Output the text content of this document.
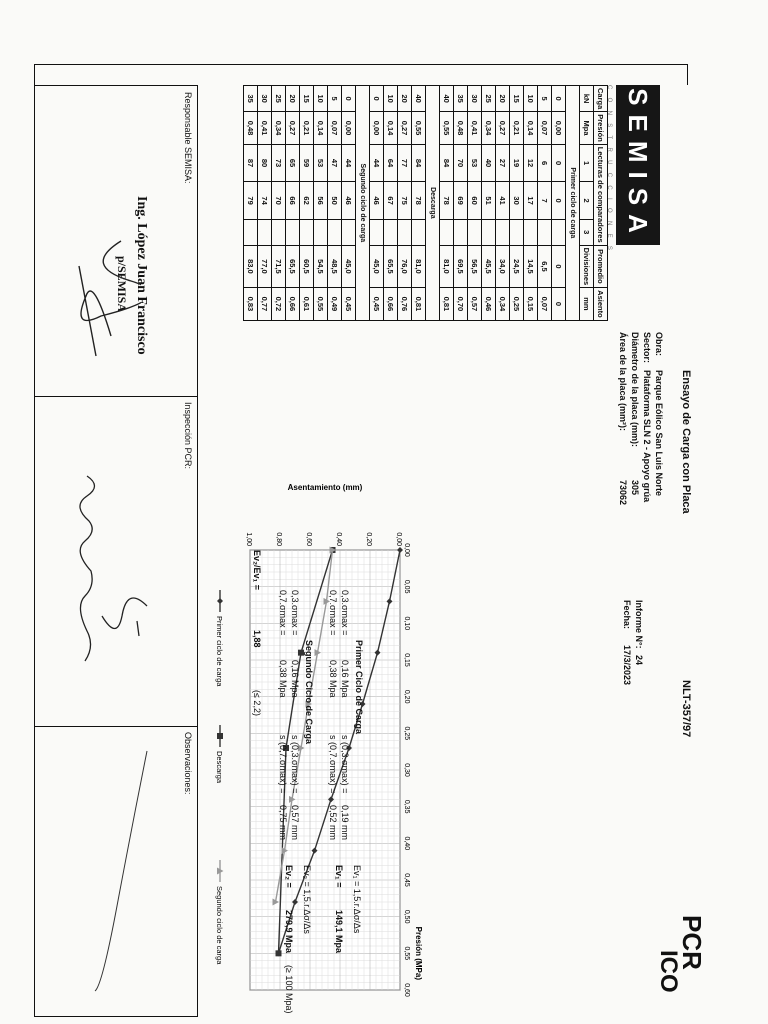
SEMISA
CONSTRUCCIONES
Ensayo de Carga con Placa
NLT-357/97
PCR
ICO
Obra:
Parque Eólico San Luis Norte
Sector:
Plataforma SLN 2 - Apoyo grúa
Diámetro de la placa (mm):
305
Área de la placa (mm²):
73062
Informe N°:
24
Fecha:
17/3/2023
Carga	Presión	Lecturas de comparadores			Promedio	Asiento
kN	Mpa	1	2	3	Divisiones	mm
Primer ciclo de carga						
0	0,00	0	0		0	0
5	0,07	6	7		6,5	0,07
10	0,14	12	17		14,5	0,15
15	0,21	19	30		24,5	0,25
20	0,27	27	41		34,0	0,34
25	0,34	40	51		45,5	0,46
30	0,41	53	60		56,5	0,57
35	0,48	70	69		69,5	0,70
40	0,55	84	78		81,0	0,81
Descarga						
40	0,55	84	78		81,0	0,81
20	0,27	77	75		76,0	0,76
10	0,14	64	67		65,5	0,66
0	0,00	44	46		45,0	0,45
Segundo ciclo de carga						
0	0,00	44	46		45,0	0,45
5	0,07	47	50		48,5	0,49
10	0,14	53	56		54,5	0,55
15	0,21	59	62		60,5	0,61
20	0,27	65	66		65,5	0,66
25	0,34	73	70		71,5	0,72
30	0,41	80	74		77,0	0,77
35	0,48	87	79		83,0	0,83
0,00
0,05
0,10
0,15
0,20
0,25
0,30
0,35
0,40
0,45
0,50
0,55
0,60
0,00
0,20
0,40
0,60
0,80
1,00
Presión (MPa)
Asentamiento (mm)
Primer ciclo de carga
Descarga
Segundo ciclo de carga
Primer Ciclo de Carga
0,3.σmax =
0,7.σmax =
0,16 Mpa
0,38 Mpa
s (0,3.σmax) =
s (0,7.σmax) =
0,19 mm
0,52 mm
Ev₁ = 1,5.r.Δσ/Δs
Ev₁ =
149,1 Mpa
Segundo Ciclo de Carga
0,3.σmax =
0,7.σmax =
0,16 Mpa
0,38 Mpa
s (0,3.σmax) =
s (0,7.σmax) =
0,57 mm
0,75 mm
Ev₂ = 1,5.r.Δσ/Δs
Ev₂ =
279,9 Mpa
(≥ 100 Mpa)
Ev₂/Ev₁ =
1,88
(≤ 2,2)
Responsable SEMISA:
Ing. López Juan Francisco
p/SEMISA
Inspección PCR:
Observaciones:
